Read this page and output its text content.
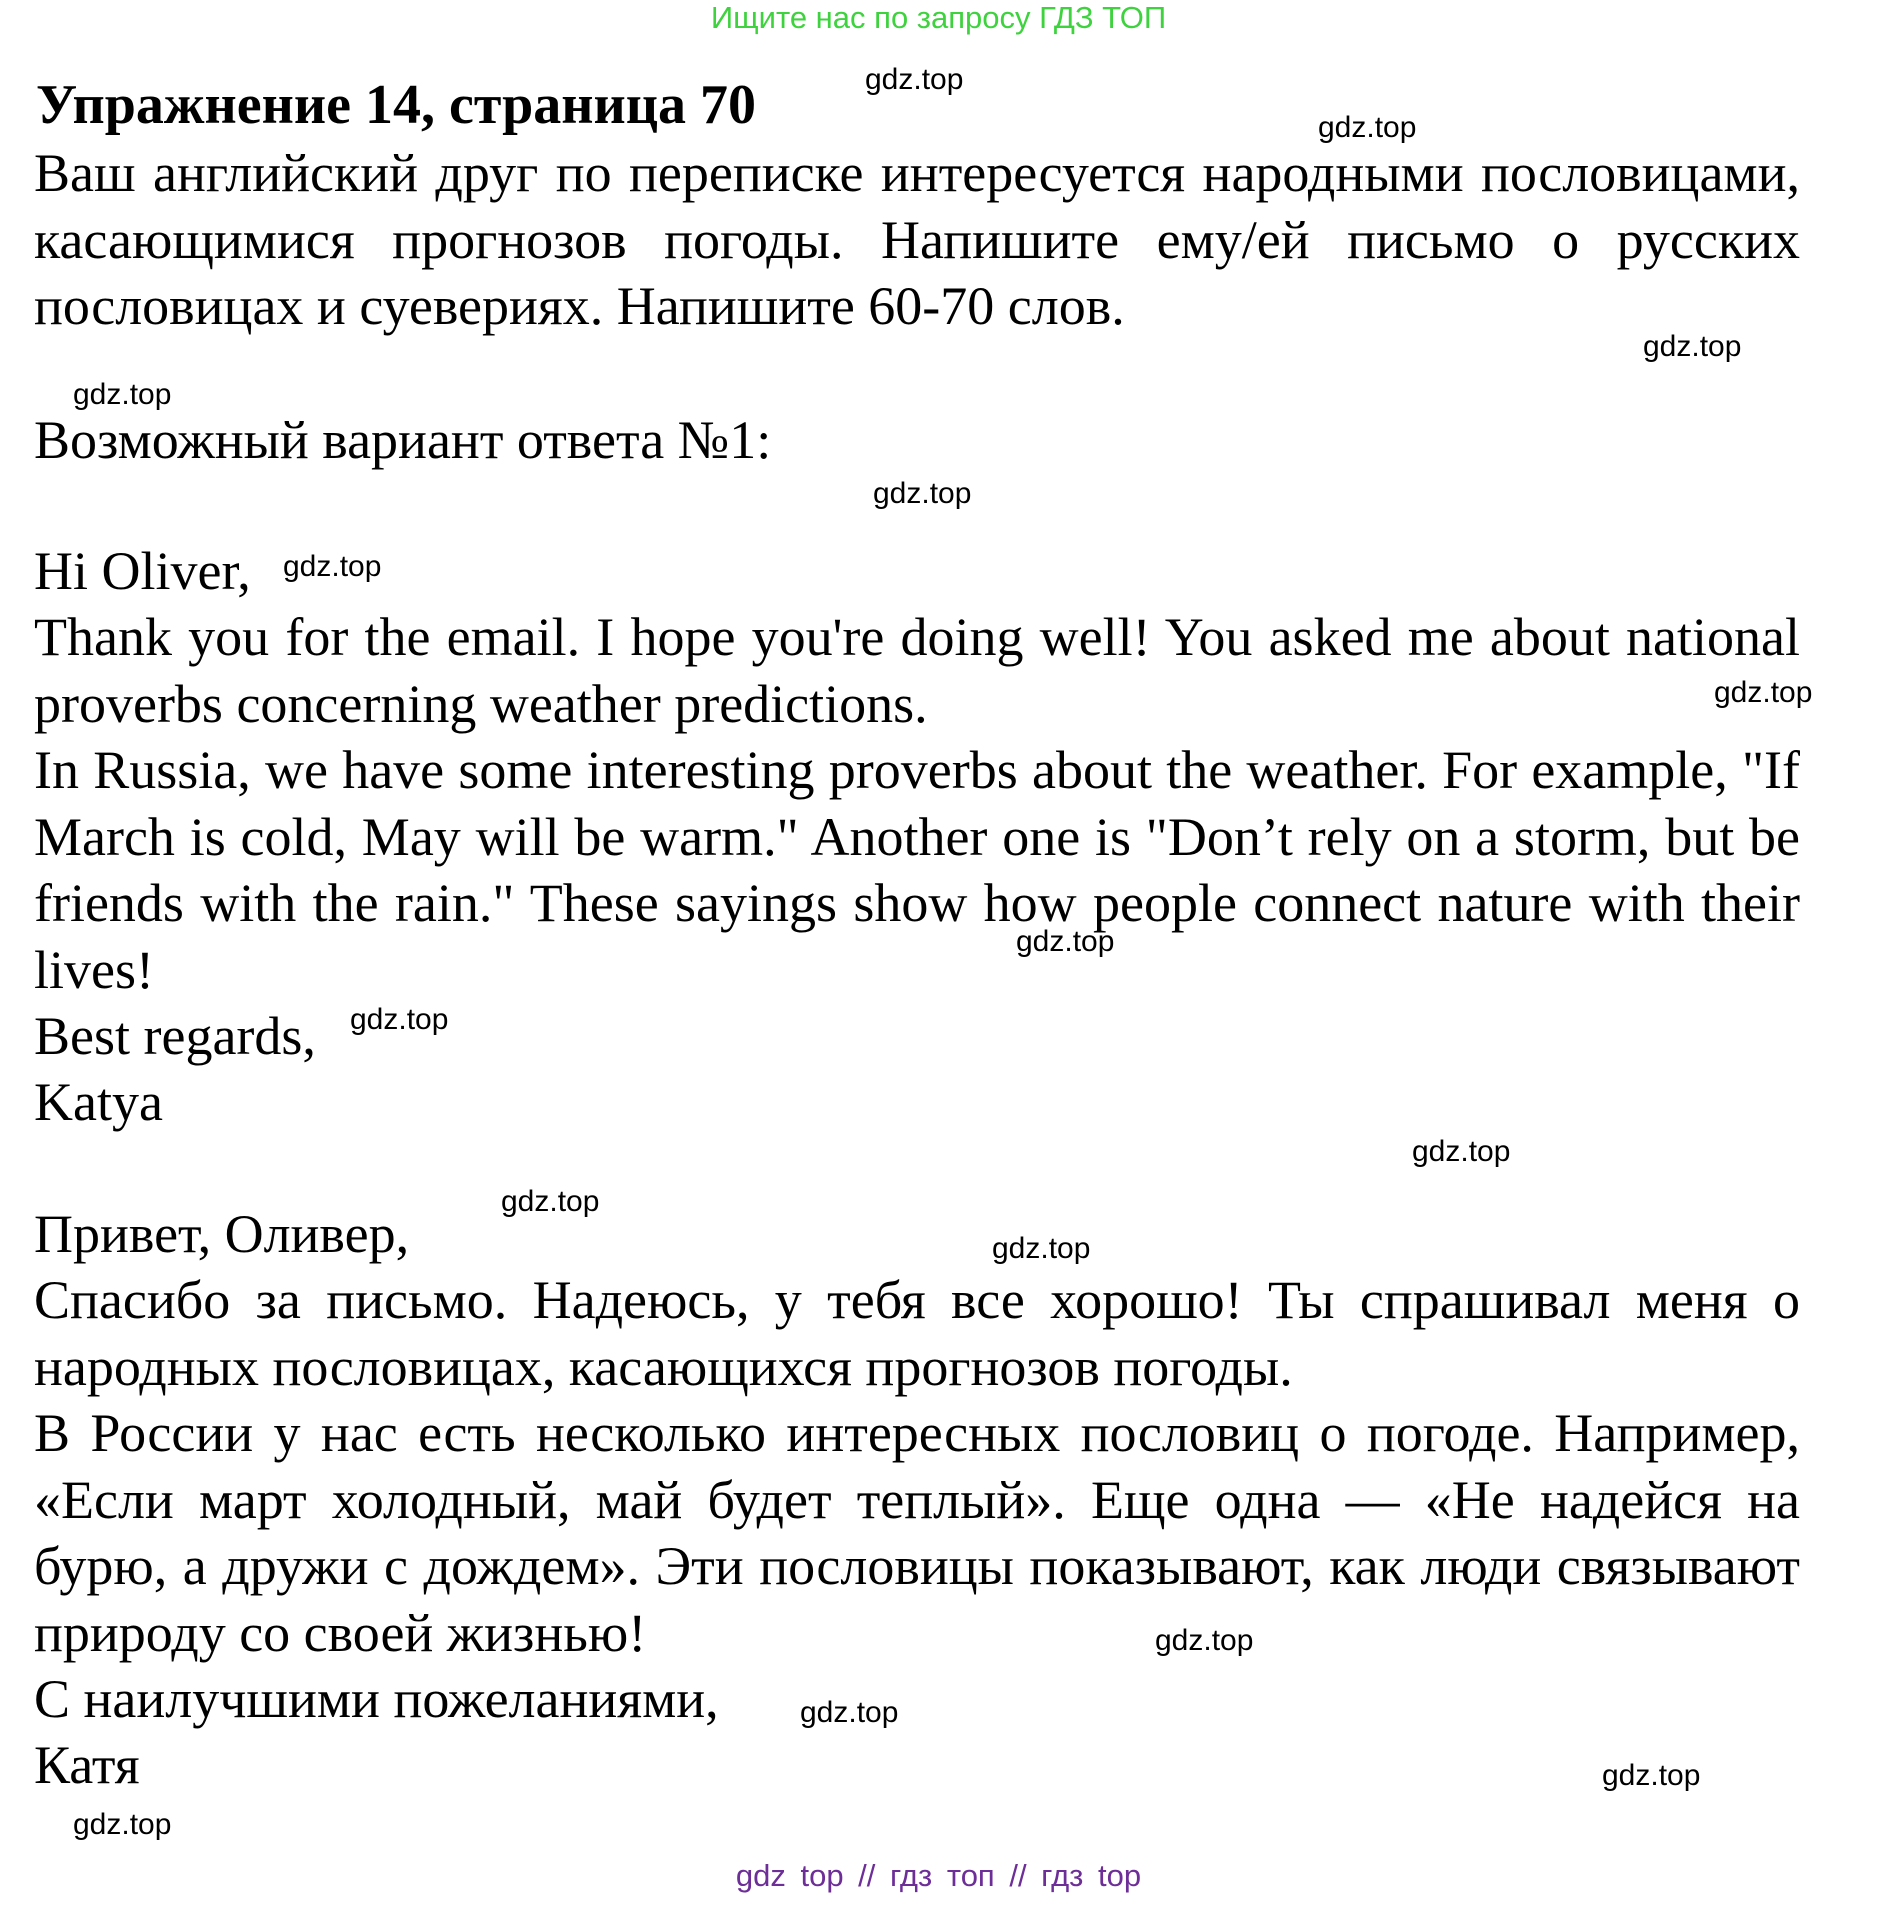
Ищите нас по запросу ГДЗ ТОП
Упражнение 14, страница 70
Ваш английский друг по переписке интересуется народными пословицами, касающимися прогнозов погоды. Напишите ему/ей письмо о русских пословицах и суевериях. Напишите 60-70 слов.
Возможный вариант ответа №1:
Hi Oliver,
Thank you for the email. I hope you're doing well! You asked me about national proverbs concerning weather predictions.
In Russia, we have some interesting proverbs about the weather. For example, "If March is cold, May will be warm." Another one is "Don’t rely on a storm, but be friends with the rain." These sayings show how people connect nature with their lives!
Best regards,
Katya
Привет, Оливер,
Спасибо за письмо. Надеюсь, у тебя все хорошо! Ты спрашивал меня о народных пословицах, касающихся прогнозов погоды.
В России у нас есть несколько интересных пословиц о погоде. Например, «Если март холодный, май будет теплый». Еще одна — «Не надейся на бурю, а дружи с дождем». Эти пословицы показывают, как люди связывают природу со своей жизнью!
С наилучшими пожеланиями,
Катя
gdz.top
gdz.top
gdz.top
gdz.top
gdz.top
gdz.top
gdz.top
gdz.top
gdz.top
gdz.top
gdz.top
gdz.top
gdz.top
gdz.top
gdz.top
gdz.top
gdz top // гдз топ // гдз top
